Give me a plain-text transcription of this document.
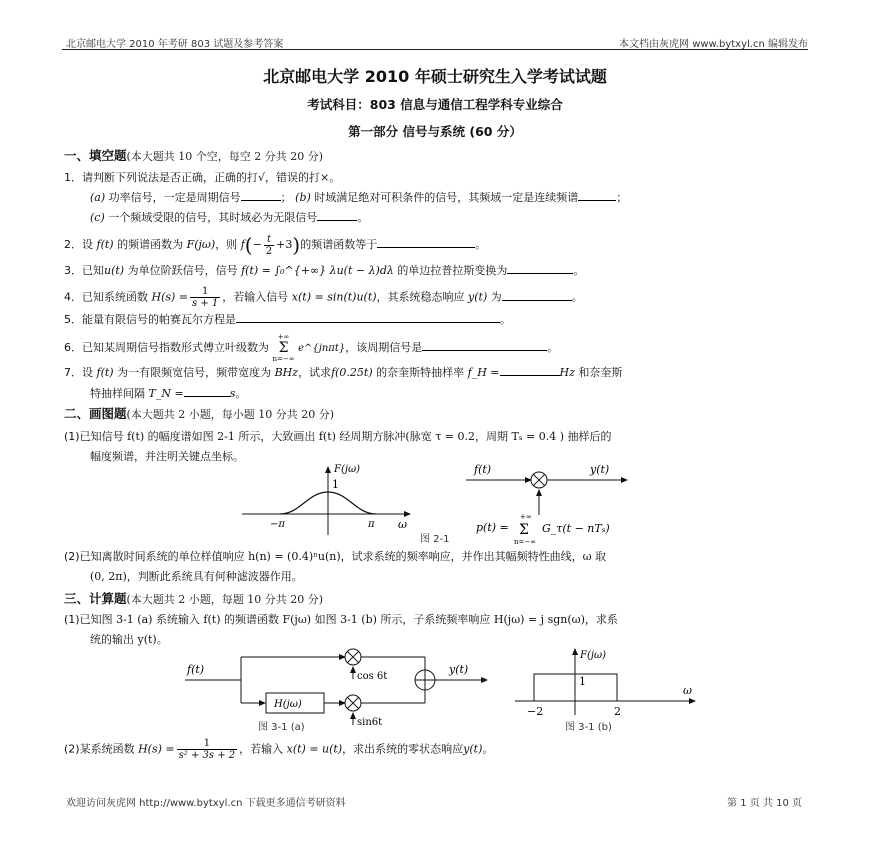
北京邮电大学 2010 年考研 803 试题及参考答案	本文档由灰虎网 www.bytxyl.cn 编辑发布
北京邮电大学 2010 年硕士研究生入学考试试题
考试科目：803 信息与通信工程学科专业综合
第一部分 信号与系统 (60 分）
一、填空题(本大题共 10 个空，每空 2 分共 20 分)
1．请判断下列说法是否正确，正确的打√，错误的打×。
(a) 功率信号，一定是周期信号	； (b) 时域满足绝对可积条件的信号，其频域一定是连续频谱	；
(c) 一个频域受限的信号，其时域必为无限信号	。
2．设 f(t) 的频谱函数为 F(jω)，则 $f(- \frac{t}{2} +3)$的频谱函数等于	。
3．已知u(t) 为单位阶跃信号，信号 f(t) = ∫₀^{+∞} λu(t − λ)dλ 的单边拉普拉斯变换为	。
4．已知系统函数 $H(s) = \frac{1}{s + 1}$ ，若输入信号 x(t) = sin(t)u(t)，其系统稳态响应 y(t) 为	。
5．能量有限信号的帕赛瓦尔方程是	。
6．已知某周期信号指数形式傅立叶级数为
+∞
Σ
n=−∞
e^{jnπt}，该周期信号是	。
7．设 f(t) 为一有限频宽信号，频带宽度为 BHz，试求f(0.25t) 的奈奎斯特抽样率 f_H =	Hz 和奈奎斯
特抽样间隔 T_N =	s。
二、画图题(本大题共 2 小题，每小题 10 分共 20 分)
(1)已知信号 f(t) 的幅度谱如图 2-1 所示，大致画出 f(t) 经周期方脉冲(脉宽 τ = 0.2，周期 Tₛ = 0.4 ) 抽样后的
幅度频谱，并注明关键点坐标。
F(jω)
1
−π	π ω
f(t)	y(t)
p(t) =
+∞
Σ
n=−∞
G_τ(t − nTₛ)
图 2-1
(2)已知离散时间系统的单位样值响应 h(n) = (0.4)ⁿu(n)，试求系统的频率响应，并作出其幅频特性曲线，ω 取
(0, 2π)，判断此系统具有何种滤波器作用。
三、计算题(本大题共 2 小题，每题 10 分共 20 分)
(1)已知图 3-1 (a) 系统输入 f(t) 的频谱函数 F(jω) 如图 3-1 (b) 所示，子系统频率响应 H(jω) = j sgn(ω)，求系
统的输出 y(t)。
f(t)
H(jω)
cos 6t
sin6t
y(t)
图 3-1 (a)
F(jω)
1
−2	2
ω
图 3-1 (b)
(2)某系统函数 $H(s) = \frac{1}{\text{s² + 3s + 2}}$ ，若输入 x(t) = u(t)，求出系统的零状态响应y(t)。
欢迎访问灰虎网 http://www.bytxyl.cn 下载更多通信考研资料	第 1 页 共 10 页
